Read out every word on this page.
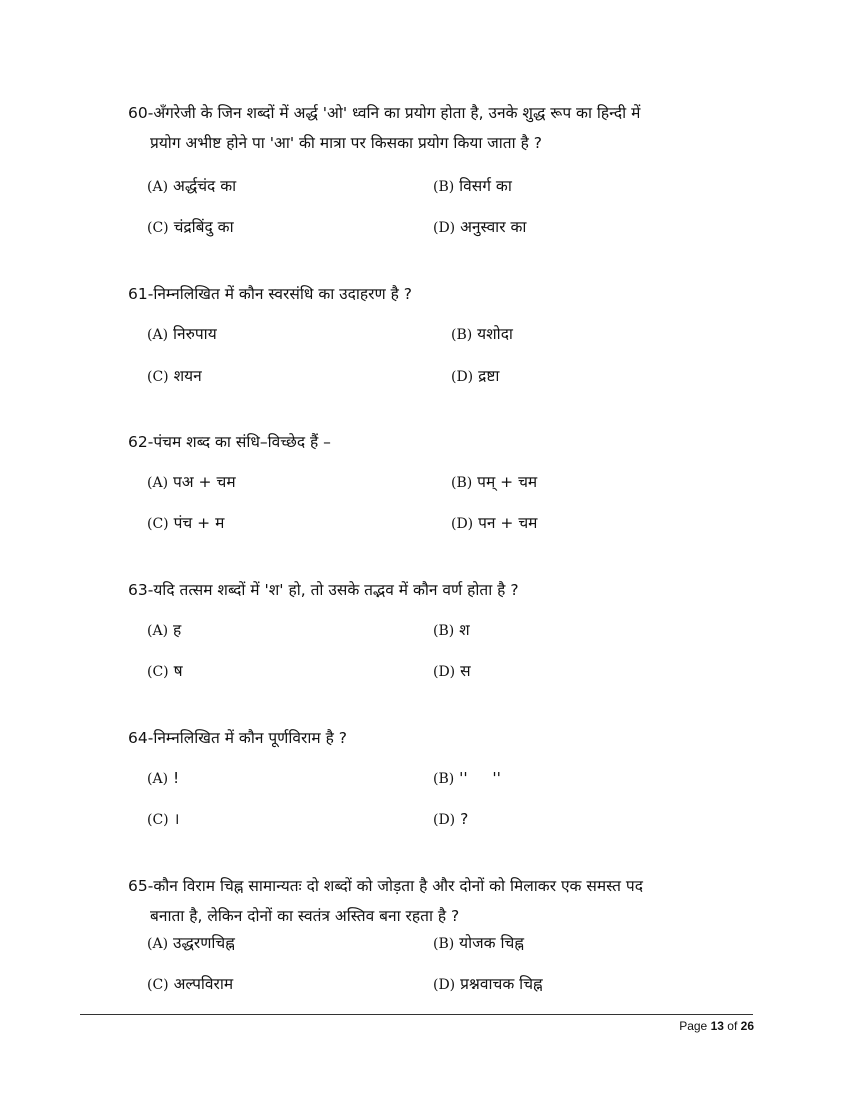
60-अँगरेजी के जिन शब्दों में अर्द्ध 'ओ' ध्वनि का प्रयोग होता है, उनके शुद्ध रूप का हिन्दी में
प्रयोग अभीष्ट होने पा 'आ' की मात्रा पर किसका प्रयोग किया जाता है ?
(A) अर्द्धचंद का	(B) विसर्ग का
(C) चंद्रबिंदु का	(D) अनुस्वार का
61-निम्नलिखित में कौन स्वरसंधि का उदाहरण है ?
(A) निरुपाय	(B) यशोदा
(C) शयन	(D) द्रष्टा
62-पंचम शब्द का संधि–विच्छेद हैं –
(A) पअ + चम	(B) पम् + चम
(C) पंच + म	(D) पन + चम
63-यदि तत्सम शब्दों में 'श' हो, तो उसके तद्भव में कौन वर्ण होता है ?
(A) ह	(B) श
(C) ष	(D) स
64-निम्नलिखित में कौन पूर्णविराम है ?
(A) !	(B) ''     ''
(C) ।	(D) ?
65-कौन विराम चिह्न सामान्यतः दो शब्दों को जोड़ता है और दोनों को मिलाकर एक समस्त पद
बनाता है, लेकिन दोनों का स्वतंत्र अस्तिव बना रहता है ?
(A) उद्धरणचिह्न	(B) योजक चिह्न
(C) अल्पविराम	(D) प्रश्नवाचक चिह्न
Page 13 of 26
